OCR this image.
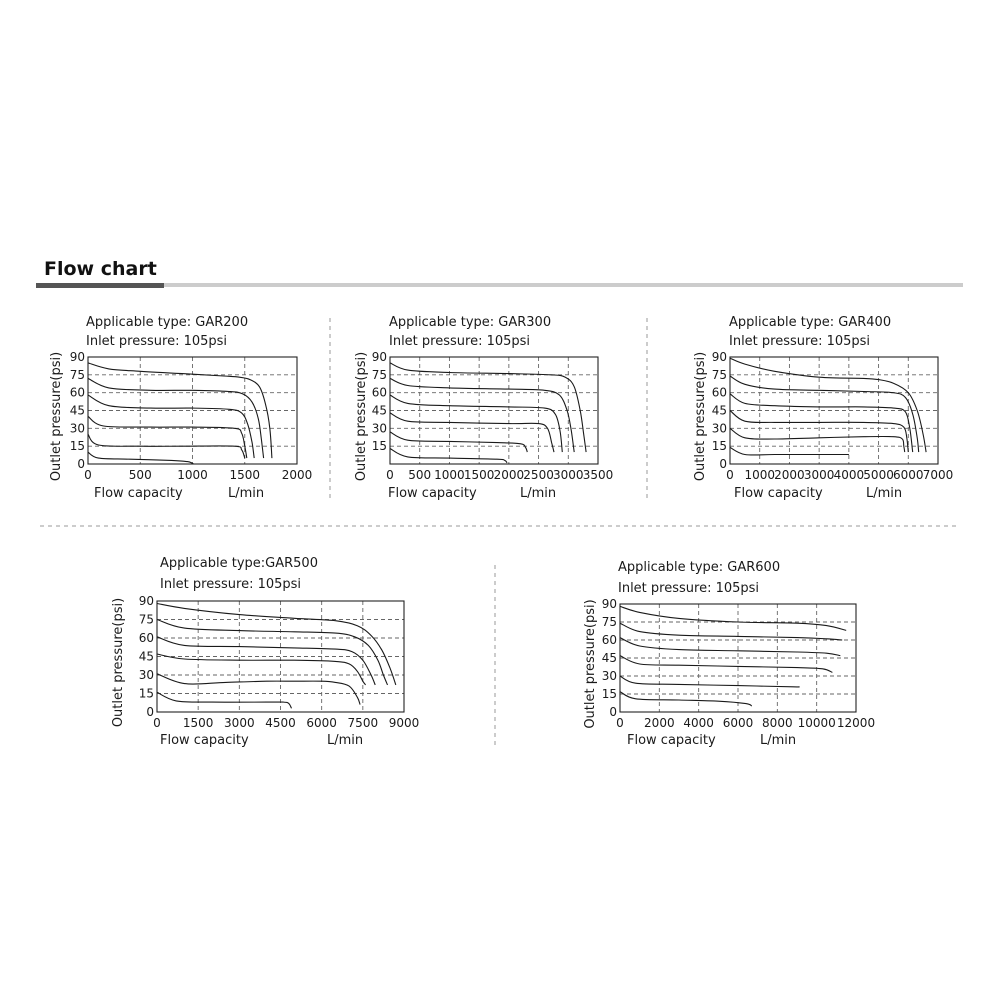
Flow chart
Applicable type: GAR200
Inlet pressure: 105psi
0
15
30
45
60
75
90
0	500 1000 1500 2000
Outlet pressure(psi)
Flow capacity	L/min
Applicable type: GAR300
Inlet pressure: 105psi
15
30
45
60
75
90
0 500 1000 1500 2000 2500 3000 3500
Outlet pressure(psi)
Flow capacity	L/min
Applicable type: GAR400
Inlet pressure: 105psi
0
15
30
45
60
75
90
0 1000 2000 3000 4000 5000 6000 7000
Outlet pressure(psi)
Flow capacity	L/min
Applicable type:GAR500
Inlet pressure: 105psi
0
15
30
45
60
75
90
0 1500 3000 4500 6000 7500 9000
Outlet pressure(psi)
Flow capacity	L/min
Applicable type: GAR600
Inlet pressure: 105psi
0
15
30
45
60
75
90
0 2000 4000 6000 8000 10000 12000
Outlet pressure(psi)
Flow capacity	L/min
